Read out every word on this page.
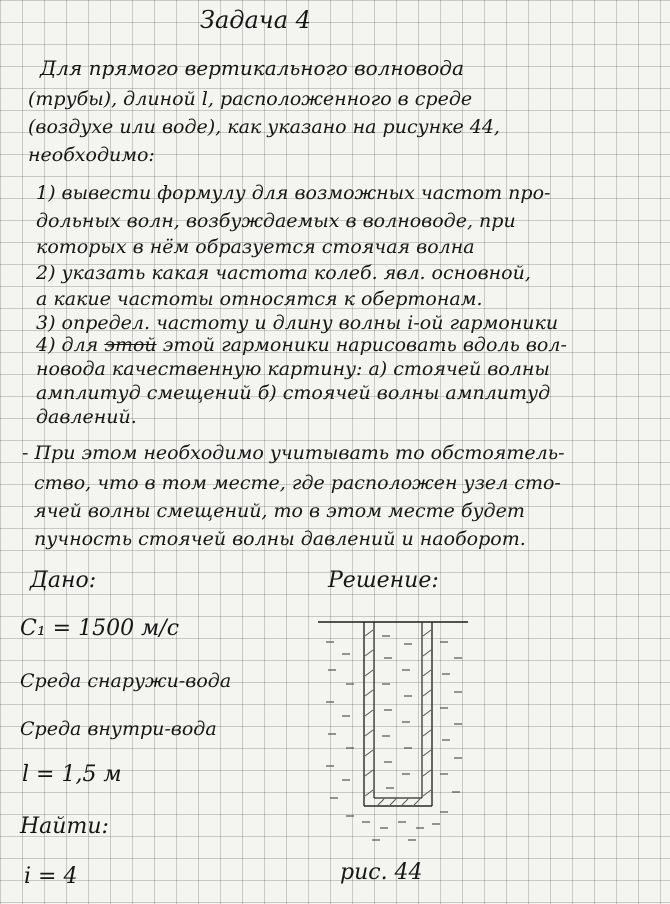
Задача 4
Для прямого вертикального волновода
(трубы), длиной l, расположенного в среде
(воздухе или воде), как указано на рисунке 44,
необходимо:
1) вывести формулу для возможных частот про-
дольных волн, возбуждаемых в волноводе, при
которых в нём образуется стоячая волна
2) указать какая частота колеб. явл. основной,
а какие частоты относятся к обертонам.
3) определ. частоту и длину волны i-ой гармоники
4) для этой этой гармоники нарисовать вдоль вол-
новода качественную картину: а) стоячей волны
амплитуд смещений б) стоячей волны амплитуд
давлений.
- При этом необходимо учитывать то обстоятель-
ство, что в том месте, где расположен узел сто-
ячей волны смещений, то в этом месте будет
пучность стоячей волны давлений и наоборот.
Дано:
C₁ = 1500 м/с
Среда снаружи-вода
Среда внутри-вода
l = 1,5 м
Найти:
i = 4
Решение:
рис. 44
